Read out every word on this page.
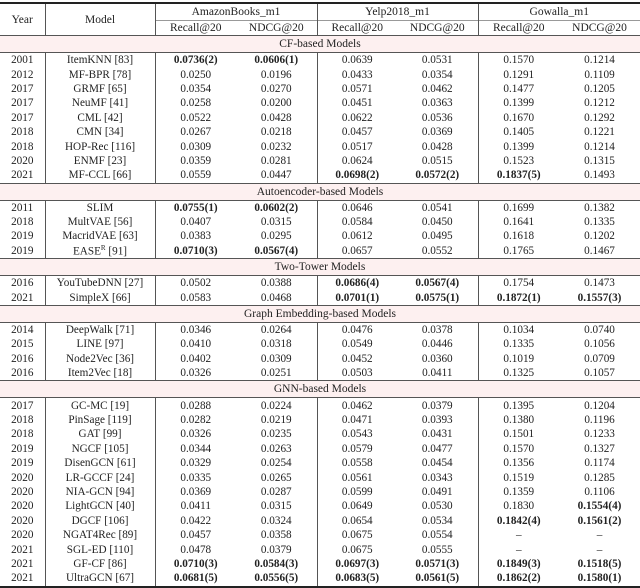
Year	Model	AmazonBooks_m1		Yelp2018_m1		Gowalla_m1	
		Recall@20	NDCG@20	Recall@20	NDCG@20	Recall@20	NDCG@20
CF-based Models							
2001	ItemKNN [83]	0.0736(2)	0.0606(1)	0.0639	0.0531	0.1570	0.1214
2012	MF-BPR [78]	0.0250	0.0196	0.0433	0.0354	0.1291	0.1109
2017	GRMF [65]	0.0354	0.0270	0.0571	0.0462	0.1477	0.1205
2017	NeuMF [41]	0.0258	0.0200	0.0451	0.0363	0.1399	0.1212
2017	CML [42]	0.0522	0.0428	0.0622	0.0536	0.1670	0.1292
2018	CMN [34]	0.0267	0.0218	0.0457	0.0369	0.1405	0.1221
2018	HOP-Rec [116]	0.0309	0.0232	0.0517	0.0428	0.1399	0.1214
2020	ENMF [23]	0.0359	0.0281	0.0624	0.0515	0.1523	0.1315
2021	MF-CCL [66]	0.0559	0.0447	0.0698(2)	0.0572(2)	0.1837(5)	0.1493
Autoencoder-based Models							
2011	SLIM	0.0755(1)	0.0602(2)	0.0646	0.0541	0.1699	0.1382
2018	MultVAE [56]	0.0407	0.0315	0.0584	0.0450	0.1641	0.1335
2019	MacridVAE [63]	0.0383	0.0295	0.0612	0.0495	0.1618	0.1202
2019	$EASE^R$ [91]	0.0710(3)	0.0567(4)	0.0657	0.0552	0.1765	0.1467
Two-Tower Models							
2016	YouTubeDNN [27]	0.0502	0.0388	0.0686(4)	0.0567(4)	0.1754	0.1473
2021	SimpleX [66]	0.0583	0.0468	0.0701(1)	0.0575(1)	0.1872(1)	0.1557(3)
Graph Embedding-based Models							
2014	DeepWalk [71]	0.0346	0.0264	0.0476	0.0378	0.1034	0.0740
2015	LINE [97]	0.0410	0.0318	0.0549	0.0446	0.1335	0.1056
2016	Node2Vec [36]	0.0402	0.0309	0.0452	0.0360	0.1019	0.0709
2016	Item2Vec [18]	0.0326	0.0251	0.0503	0.0411	0.1325	0.1057
GNN-based Models							
2017	GC-MC [19]	0.0288	0.0224	0.0462	0.0379	0.1395	0.1204
2018	PinSage [119]	0.0282	0.0219	0.0471	0.0393	0.1380	0.1196
2018	GAT [99]	0.0326	0.0235	0.0543	0.0431	0.1501	0.1233
2019	NGCF [105]	0.0344	0.0263	0.0579	0.0477	0.1570	0.1327
2019	DisenGCN [61]	0.0329	0.0254	0.0558	0.0454	0.1356	0.1174
2020	LR-GCCF [24]	0.0335	0.0265	0.0561	0.0343	0.1519	0.1285
2020	NIA-GCN [94]	0.0369	0.0287	0.0599	0.0491	0.1359	0.1106
2020	LightGCN [40]	0.0411	0.0315	0.0649	0.0530	0.1830	0.1554(4)
2020	DGCF [106]	0.0422	0.0324	0.0654	0.0534	0.1842(4)	0.1561(2)
2020	NGAT4Rec [89]	0.0457	0.0358	0.0675	0.0554	–	–
2021	SGL-ED [110]	0.0478	0.0379	0.0675	0.0555	–	–
2021	GF-CF [86]	0.0710(3)	0.0584(3)	0.0697(3)	0.0571(3)	0.1849(3)	0.1518(5)
2021	UltraGCN [67]	0.0681(5)	0.0556(5)	0.0683(5)	0.0561(5)	0.1862(2)	0.1580(1)
